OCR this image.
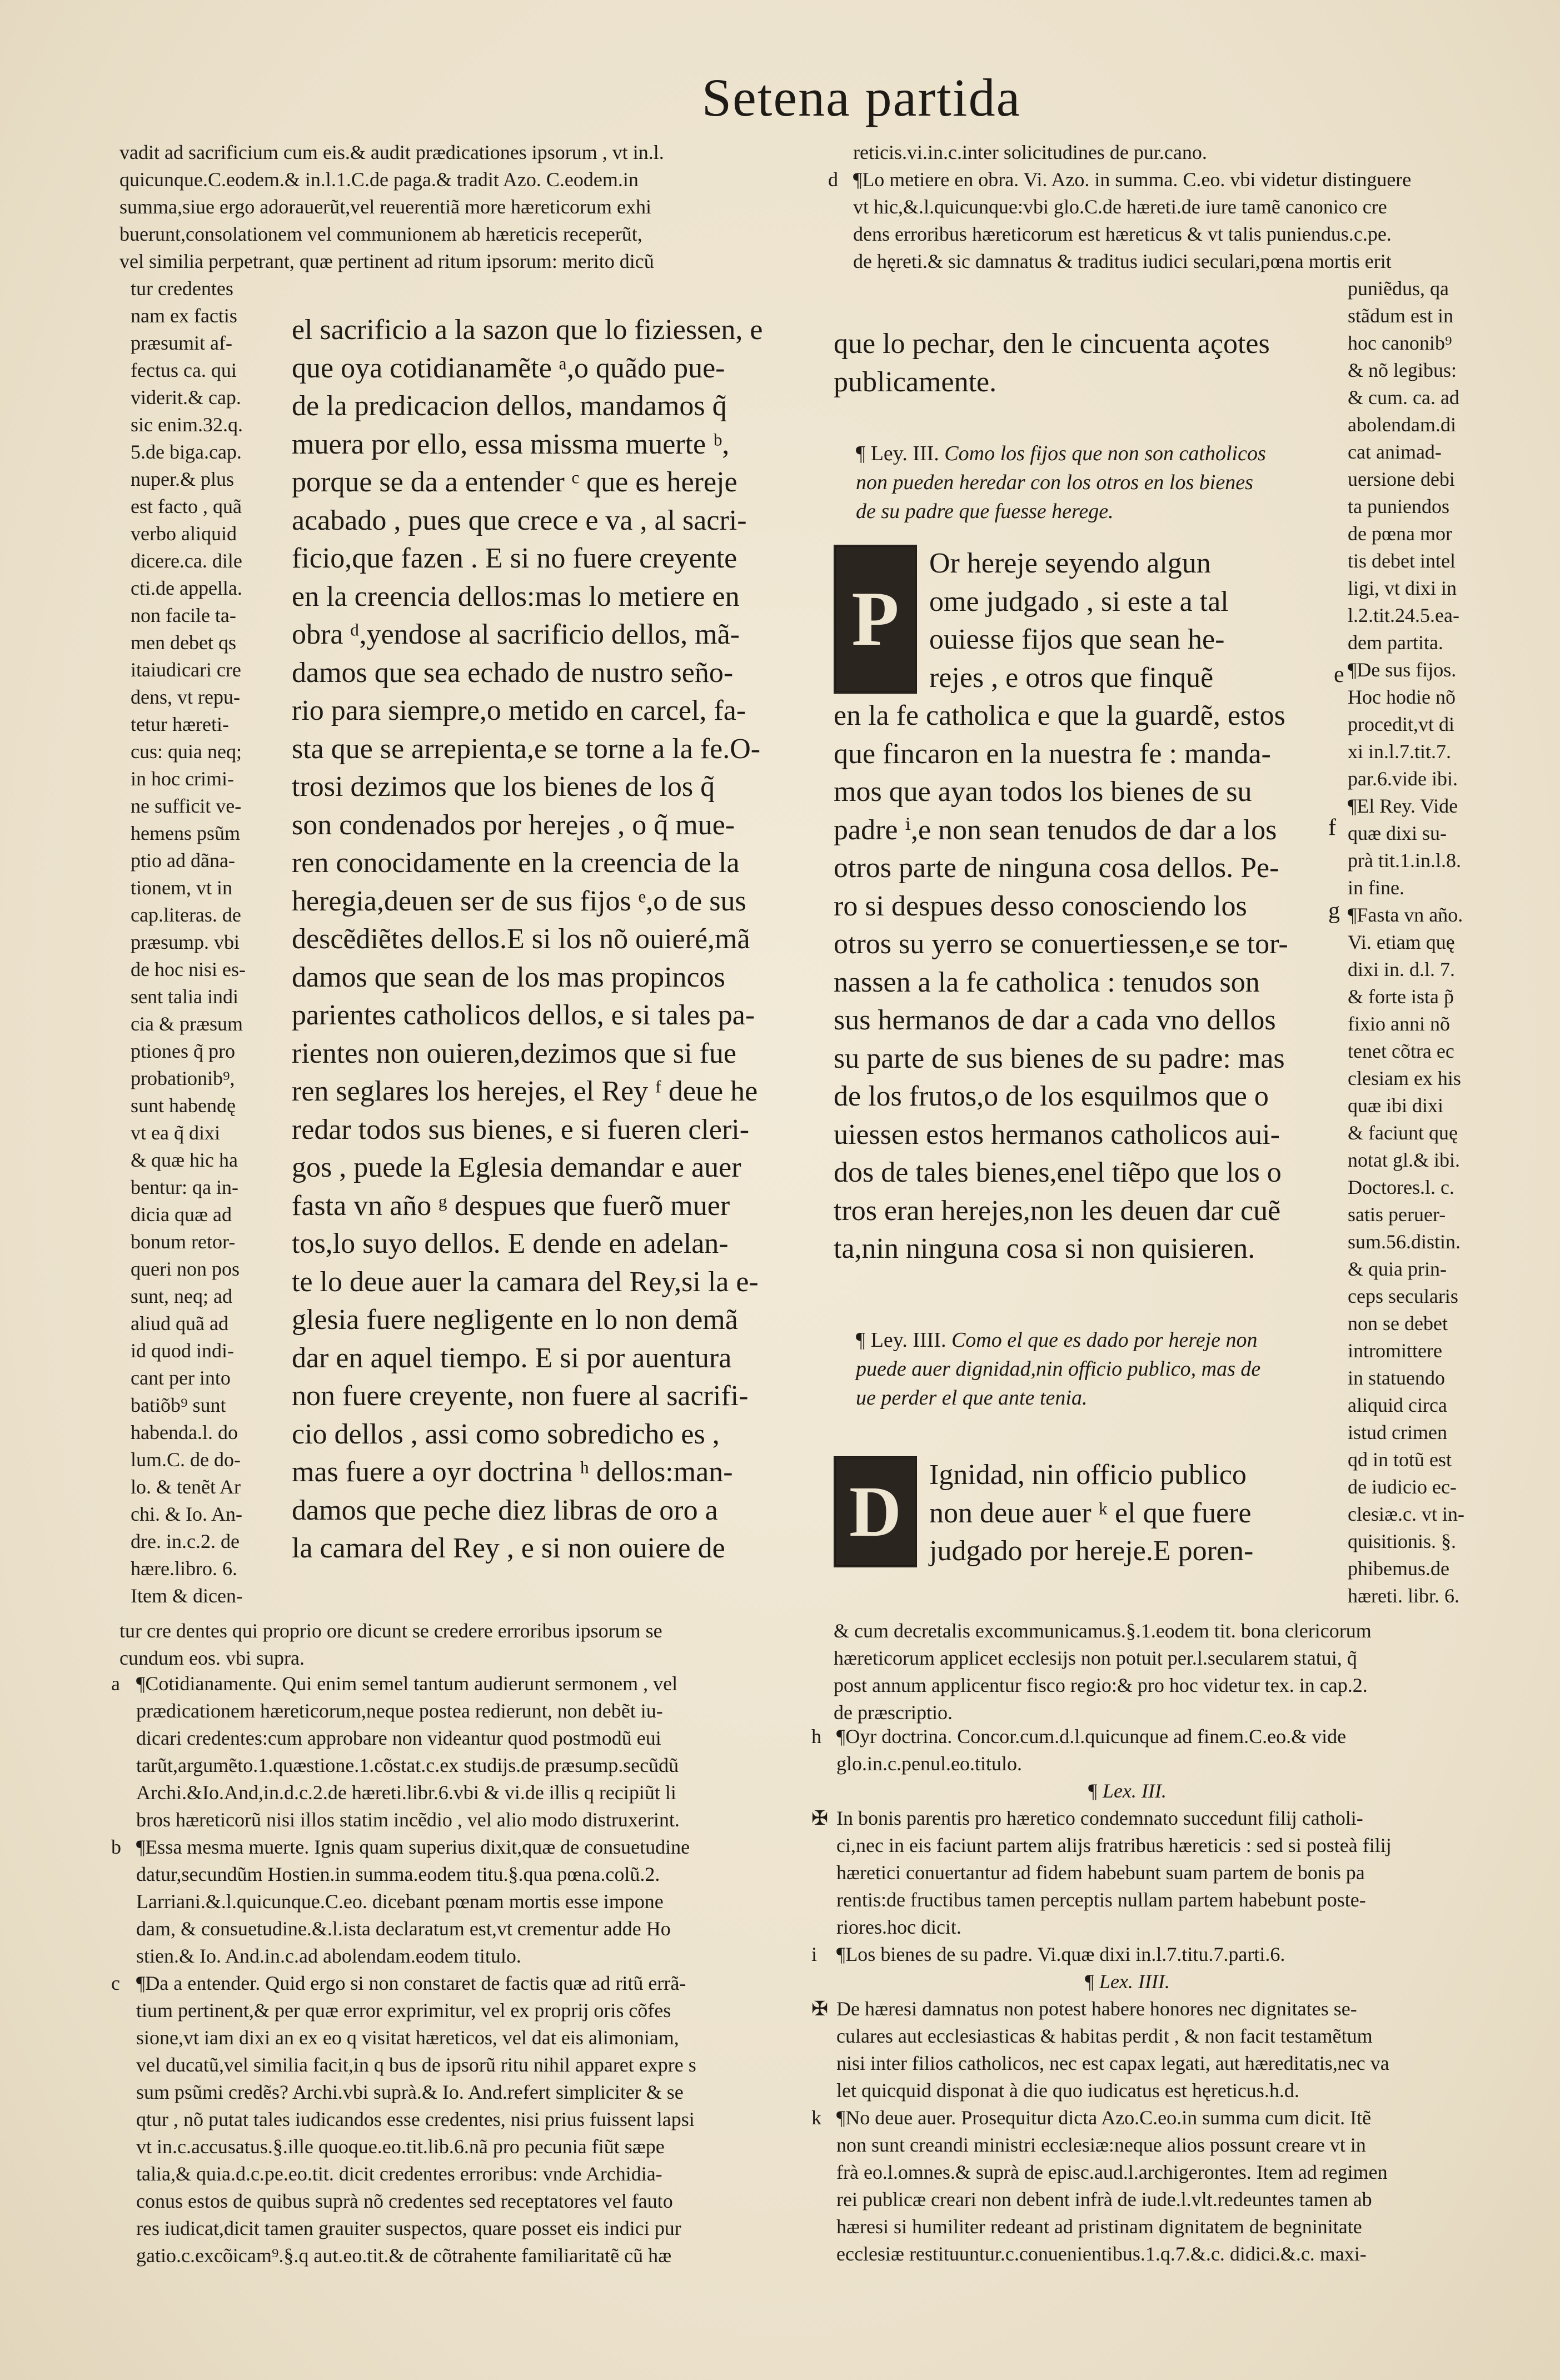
Setena partida
vadit ad sacrificium cum eis.& audit prædicationes ipsorum , vt in.l.
quicunque.C.eodem.& in.l.1.C.de paga.& tradit Azo. C.eodem.in
summa,siue ergo adorauerũt,vel reuerentiã more hæreticorum exhi
buerunt,consolationem vel communionem ab hæreticis receperũt,
vel similia perpetrant, quæ pertinent ad ritum ipsorum: merito dicũ
tur credentes
nam ex factis
præsumit af-
fectus ca. qui
viderit.& cap.
sic enim.32.q.
5.de biga.cap.
nuper.& plus
est facto , quã
verbo aliquid
dicere.ca. dile
cti.de appella.
non facile ta-
men debet qs
itaiudicari cre
dens, vt repu-
tetur hæreti-
cus: quia neq;
in hoc crimi-
ne sufficit ve-
hemens psũm
ptio ad dãna-
tionem, vt in
cap.literas. de
præsump. vbi
de hoc nisi es-
sent talia indi
cia & præsum
ptiones q̃ pro
probationib⁹,
sunt habendę
vt ea q̃ dixi
& quæ hic ha
bentur: qa in-
dicia quæ ad
bonum retor-
queri non pos
sunt, neq; ad
aliud quã ad
id quod indi-
cant per into
batiõb⁹ sunt
habenda.l. do
lum.C. de do-
lo. & tenẽt Ar
chi. & Io. An-
dre. in.c.2. de
hære.libro. 6.
Item & dicen-
el sacrificio a la sazon que lo fiziessen, e
que oya cotidianamẽte ᵃ,o quãdo pue-
de la predicacion dellos, mandamos q̃
muera por ello, essa missma muerte ᵇ,
porque se da a entender ᶜ que es hereje
acabado , pues que crece e va , al sacri-
ficio,que fazen . E si no fuere creyente
en la creencia dellos:mas lo metiere en
obra ᵈ,yendose al sacrificio dellos, mã-
damos que sea echado de nustro seño-
rio para siempre,o metido en carcel, fa-
sta que se arrepienta,e se torne a la fe.O-
trosi dezimos que los bienes de los q̃
son condenados por herejes , o q̃ mue-
ren conocidamente en la creencia de la
heregia,deuen ser de sus fijos ᵉ,o de sus
descẽdiẽtes dellos.E si los nõ ouieré,mã
damos que sean de los mas propincos
parientes catholicos dellos, e si tales pa-
rientes non ouieren,dezimos que si fue
ren seglares los herejes, el Rey ᶠ deue he
redar todos sus bienes, e si fueren cleri-
gos , puede la Eglesia demandar e auer
fasta vn año ᵍ despues que fuerõ muer
tos,lo suyo dellos. E dende en adelan-
te lo deue auer la camara del Rey,si la e-
glesia fuere negligente en lo non demã
dar en aquel tiempo. E si por auentura
non fuere creyente, non fuere al sacrifi-
cio dellos , assi como sobredicho es ,
mas fuere a oyr doctrina ʰ dellos:man-
damos que peche diez libras de oro a
la camara del Rey , e si non ouiere de
tur cre dentes qui proprio ore dicunt se credere erroribus ipsorum se
cundum eos. vbi supra.
a ¶Cotidianamente. Qui enim semel tantum audierunt sermonem , vel
prædicationem hæreticorum,neque postea redierunt, non debẽt iu-
dicari credentes:cum approbare non videantur quod postmodũ eui
tarũt,argumẽto.1.quæstione.1.cõstat.c.ex studijs.de præsump.secũdũ
Archi.&Io.And,in.d.c.2.de hæreti.libr.6.vbi & vi.de illis q recipiũt li
bros hæreticorũ nisi illos statim incẽdio , vel alio modo distruxerint.
b ¶Essa mesma muerte. Ignis quam superius dixit,quæ de consuetudine
datur,secundũm Hostien.in summa.eodem titu.§.qua pœna.colũ.2.
Larriani.&.l.quicunque.C.eo. dicebant pœnam mortis esse impone
dam, & consuetudine.&.l.ista declaratum est,vt crementur adde Ho
stien.& Io. And.in.c.ad abolendam.eodem titulo.
c ¶Da a entender. Quid ergo si non constaret de factis quæ ad ritũ errã-
tium pertinent,& per quæ error exprimitur, vel ex proprij oris cõfes
sione,vt iam dixi an ex eo q visitat hæreticos, vel dat eis alimoniam,
vel ducatũ,vel similia facit,in q bus de ipsorũ ritu nihil apparet expre s
sum psũmi credẽs? Archi.vbi suprà.& Io. And.refert simpliciter & se
qtur , nõ putat tales iudicandos esse credentes, nisi prius fuissent lapsi
vt in.c.accusatus.§.ille quoque.eo.tit.lib.6.nã pro pecunia fiũt sæpe
talia,& quia.d.c.pe.eo.tit. dicit credentes erroribus: vnde Archidia-
conus estos de quibus suprà nõ credentes sed receptatores vel fauto
res iudicat,dicit tamen grauiter suspectos, quare posset eis indici pur
gatio.c.excõicam⁹.§.q aut.eo.tit.& de cõtrahente familiaritatẽ cũ hæ
reticis.vi.in.c.inter solicitudines de pur.cano.
d ¶Lo metiere en obra. Vi. Azo. in summa. C.eo. vbi videtur distinguere
vt hic,&.l.quicunque:vbi glo.C.de hæreti.de iure tamẽ canonico cre
dens erroribus hæreticorum est hæreticus & vt talis puniendus.c.pe.
de hęreti.& sic damnatus & traditus iudici seculari,pœna mortis erit
que lo pechar, den le cincuenta açotes
publicamente.
¶ Ley. III. Como los fijos que non son catholicos
non pueden heredar con los otros en los bienes
de su padre que fuesse herege.
P
Or hereje seyendo algun
ome judgado , si este a tal
ouiesse fijos que sean he-
rejes , e otros que finquẽ
en la fe catholica e que la guardẽ, estos
que fincaron en la nuestra fe : manda-
mos que ayan todos los bienes de su
padre ⁱ,e non sean tenudos de dar a los
otros parte de ninguna cosa dellos. Pe-
ro si despues desso conosciendo los
otros su yerro se conuertiessen,e se tor-
nassen a la fe catholica : tenudos son
sus hermanos de dar a cada vno dellos
su parte de sus bienes de su padre: mas
de los frutos,o de los esquilmos que o
uiessen estos hermanos catholicos aui-
dos de tales bienes,enel tiẽpo que los o
tros eran herejes,non les deuen dar cuẽ
ta,nin ninguna cosa si non quisieren.
¶ Ley. IIII. Como el que es dado por hereje non
puede auer dignidad,nin officio publico, mas de
ue perder el que ante tenia.
D Ignidad, nin officio publico
non deue auer ᵏ el que fuere
judgado por hereje.E poren-
puniẽdus, qa
stãdum est in
hoc canonib⁹
& nõ legibus:
& cum. ca. ad
abolendam.di
cat animad-
uersione debi
ta puniendos
de pœna mor
tis debet intel
ligi, vt dixi in
l.2.tit.24.5.ea-
dem partita.
¶De sus fijos.
Hoc hodie nõ
procedit,vt di
xi in.l.7.tit.7.
par.6.vide ibi.
¶El Rey. Vide
quæ dixi su-
prà tit.1.in.l.8.
in fine.
¶Fasta vn año.
Vi. etiam quę
dixi in. d.l. 7.
& forte ista p̃
fixio anni nõ
tenet cõtra ec
clesiam ex his
quæ ibi dixi
& faciunt quę
notat gl.& ibi.
Doctores.l. c.
satis peruer-
sum.56.distin.
& quia prin-
ceps secularis
non se debet
intromittere
in statuendo
aliquid circa
istud crimen
qd in totũ est
de iudicio ec-
clesiæ.c. vt in-
quisitionis. §.
phibemus.de
hæreti. libr. 6.
e
f
g
& cum decretalis excommunicamus.§.1.eodem tit. bona clericorum
hæreticorum applicet ecclesijs non potuit per.l.secularem statui, q̃
post annum applicentur fisco regio:& pro hoc videtur tex. in cap.2.
de præscriptio.
h ¶Oyr doctrina. Concor.cum.d.l.quicunque ad finem.C.eo.& vide
glo.in.c.penul.eo.titulo.
¶ Lex. III.
✠ In bonis parentis pro hæretico condemnato succedunt filij catholi-
ci,nec in eis faciunt partem alijs fratribus hæreticis : sed si posteà filij
hæretici conuertantur ad fidem habebunt suam partem de bonis pa
rentis:de fructibus tamen perceptis nullam partem habebunt poste-
riores.hoc dicit.
i ¶Los bienes de su padre. Vi.quæ dixi in.l.7.titu.7.parti.6.
¶ Lex. IIII.
✠ De hæresi damnatus non potest habere honores nec dignitates se-
culares aut ecclesiasticas & habitas perdit , & non facit testamẽtum
nisi inter filios catholicos, nec est capax legati, aut hæreditatis,nec va
let quicquid disponat à die quo iudicatus est hęreticus.h.d.
k ¶No deue auer. Prosequitur dicta Azo.C.eo.in summa cum dicit. Itẽ
non sunt creandi ministri ecclesiæ:neque alios possunt creare vt in
frà eo.l.omnes.& suprà de episc.aud.l.archigerontes. Item ad regimen
rei publicæ creari non debent infrà de iude.l.vlt.redeuntes tamen ab
hæresi si humiliter redeant ad pristinam dignitatem de begninitate
ecclesiæ restituuntur.c.conuenientibus.1.q.7.&.c. didici.&.c. maxi-
